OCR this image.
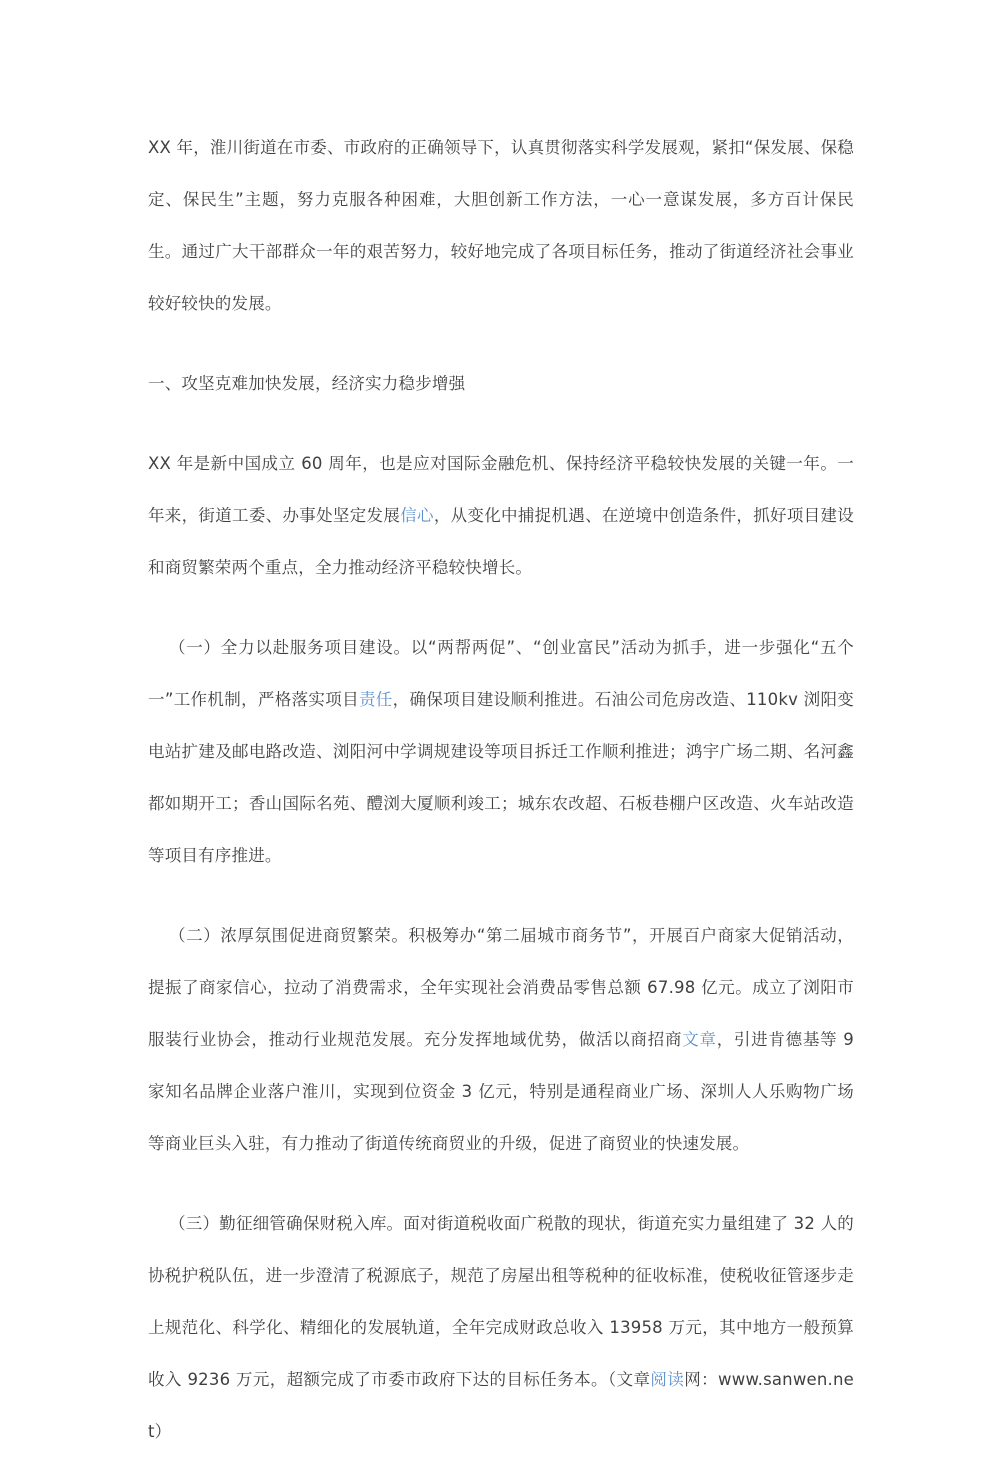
XX 年，淮川街道在市委、市政府的正确领导下，认真贯彻落实科学发展观，紧扣“保发展、保稳定、保民生”主题，努力克服各种困难，大胆创新工作方法，一心一意谋发展，多方百计保民生。通过广大干部群众一年的艰苦努力，较好地完成了各项目标任务，推动了街道经济社会事业较好较快的发展。

一、攻坚克难加快发展，经济实力稳步增强

XX 年是新中国成立 60 周年，也是应对国际金融危机、保持经济平稳较快发展的关键一年。一年来，街道工委、办事处坚定发展信心，从变化中捕捉机遇、在逆境中创造条件，抓好项目建设和商贸繁荣两个重点，全力推动经济平稳较快增长。

（一）全力以赴服务项目建设。以“两帮两促”、“创业富民”活动为抓手，进一步强化“五个一”工作机制，严格落实项目责任，确保项目建设顺利推进。石油公司危房改造、110kv 浏阳变电站扩建及邮电路改造、浏阳河中学调规建设等项目拆迁工作顺利推进；鸿宇广场二期、名河鑫都如期开工；香山国际名苑、醴浏大厦顺利竣工；城东农改超、石板巷棚户区改造、火车站改造等项目有序推进。

（二）浓厚氛围促进商贸繁荣。积极筹办“第二届城市商务节”，开展百户商家大促销活动，提振了商家信心，拉动了消费需求，全年实现社会消费品零售总额 67.98 亿元。成立了浏阳市服装行业协会，推动行业规范发展。充分发挥地域优势，做活以商招商文章，引进肯德基等 9 家知名品牌企业落户淮川，实现到位资金 3 亿元，特别是通程商业广场、深圳人人乐购物广场等商业巨头入驻，有力推动了街道传统商贸业的升级，促进了商贸业的快速发展。

（三）勤征细管确保财税入库。面对街道税收面广税散的现状，街道充实力量组建了 32 人的协税护税队伍，进一步澄清了税源底子，规范了房屋出租等税种的征收标准，使税收征管逐步走上规范化、科学化、精细化的发展轨道，全年完成财政总收入 13958 万元，其中地方一般预算收入 9236 万元，超额完成了市委市政府下达的目标任务本。（文章阅读网：www.sanwen.net）
